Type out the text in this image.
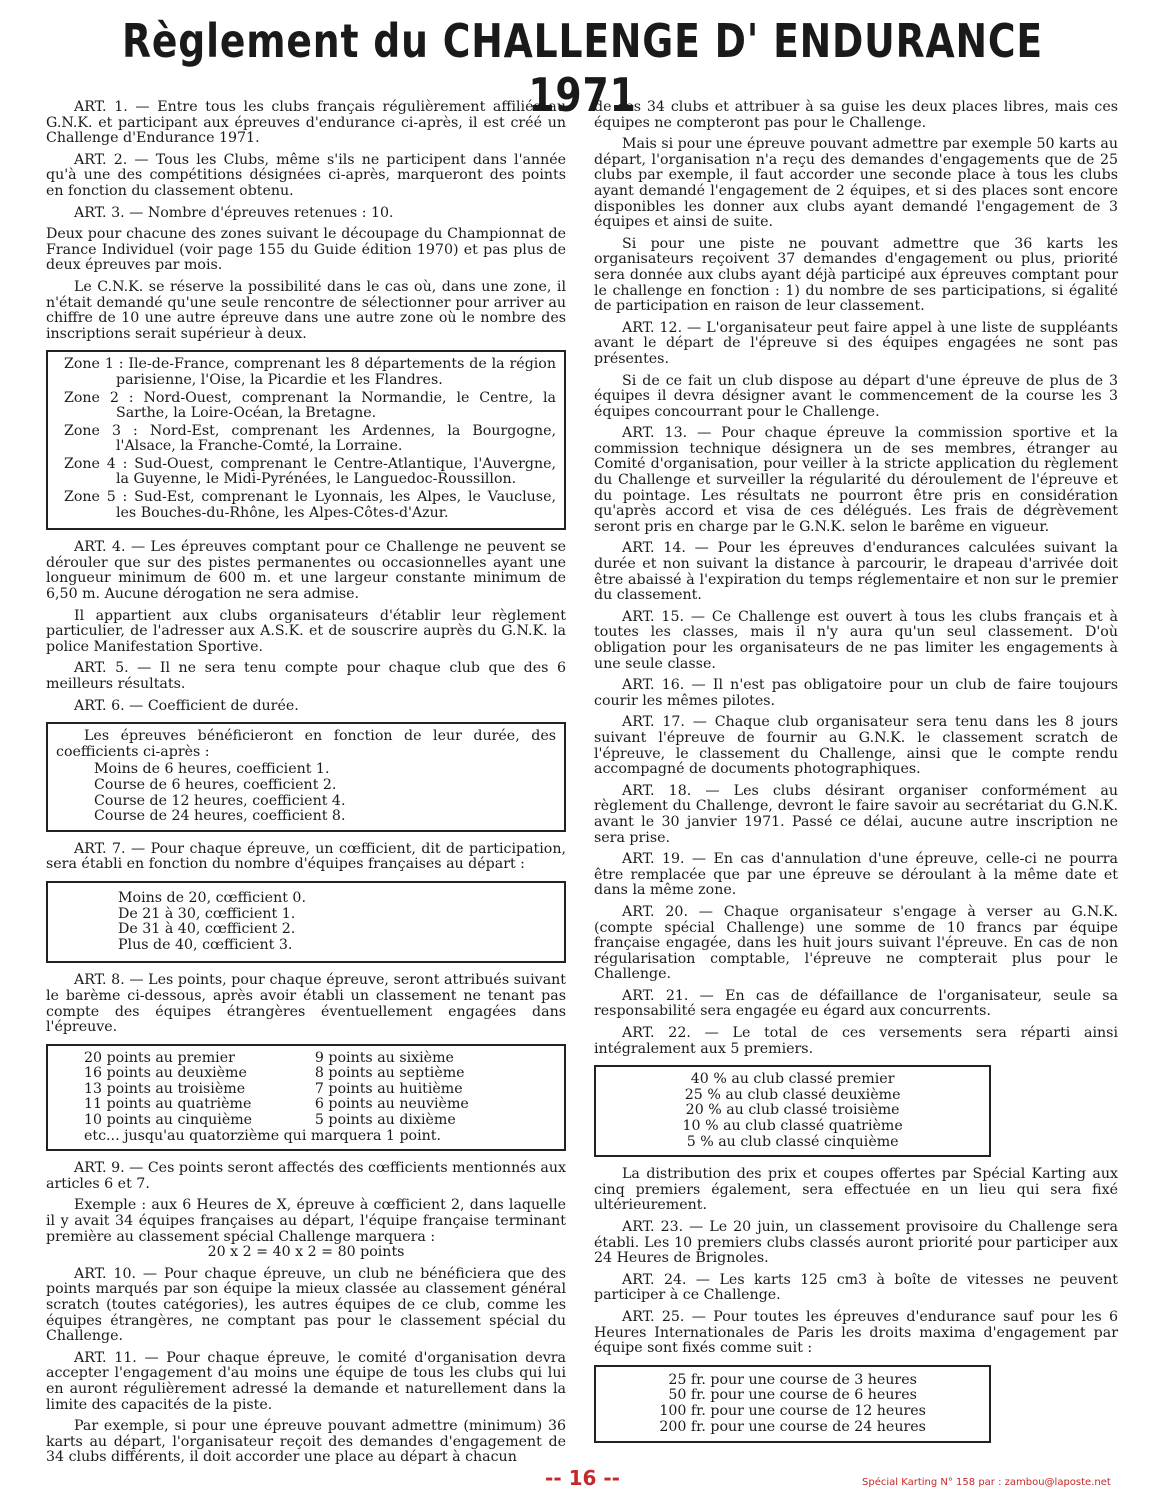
Règlement du CHALLENGE D' ENDURANCE 1971

ART. 1. — Entre tous les clubs français régulièrement affiliés au G.N.K. et participant aux épreuves d'endurance ci-après, il est créé un Challenge d'Endurance 1971.

ART. 2. — Tous les Clubs, même s'ils ne participent dans l'année qu'à une des compétitions désignées ci-après, marqueront des points en fonction du classement obtenu.

ART. 3. — Nombre d'épreuves retenues : 10.

Deux pour chacune des zones suivant le découpage du Championnat de France Individuel (voir page 155 du Guide édition 1970) et pas plus de deux épreuves par mois.

Le C.N.K. se réserve la possibilité dans le cas où, dans une zone, il n'était demandé qu'une seule rencontre de sélectionner pour arriver au chiffre de 10 une autre épreuve dans une autre zone où le nombre des inscriptions serait supérieur à deux.

Zone 1 : Ile-de-France, comprenant les 8 départements de la région parisienne, l'Oise, la Picardie et les Flandres.
Zone 2 : Nord-Ouest, comprenant la Normandie, le Centre, la Sarthe, la Loire-Océan, la Bretagne.
Zone 3 : Nord-Est, comprenant les Ardennes, la Bourgogne, l'Alsace, la Franche-Comté, la Lorraine.
Zone 4 : Sud-Ouest, comprenant le Centre-Atlantique, l'Auvergne, la Guyenne, le Midi-Pyrénées, le Languedoc-Roussillon.
Zone 5 : Sud-Est, comprenant le Lyonnais, les Alpes, le Vaucluse, les Bouches-du-Rhône, les Alpes-Côtes-d'Azur.

ART. 4. — Les épreuves comptant pour ce Challenge ne peuvent se dérouler que sur des pistes permanentes ou occasionnelles ayant une longueur minimum de 600 m. et une largeur constante minimum de 6,50 m. Aucune dérogation ne sera admise.

Il appartient aux clubs organisateurs d'établir leur règlement particulier, de l'adresser aux A.S.K. et de souscrire auprès du G.N.K. la police Manifestation Sportive.

ART. 5. — Il ne sera tenu compte pour chaque club que des 6 meilleurs résultats.

ART. 6. — Coefficient de durée.

Les épreuves bénéficieront en fonction de leur durée, des coefficients ci-après :

Moins de 6 heures, coefficient 1.
Course de 6 heures, coefficient 2.
Course de 12 heures, coefficient 4.
Course de 24 heures, coefficient 8.

ART. 7. — Pour chaque épreuve, un cœfficient, dit de participation, sera établi en fonction du nombre d'équipes françaises au départ :

Moins de 20, cœfficient 0.
De 21 à 30, cœfficient 1.
De 31 à 40, cœfficient 2.
Plus de 40, cœfficient 3.

ART. 8. — Les points, pour chaque épreuve, seront attribués suivant le barème ci-dessous, après avoir établi un classement ne tenant pas compte des équipes étrangères éventuellement engagées dans l'épreuve.

20 points au premier
16 points au deuxième
13 points au troisième
11 points au quatrième
10 points au cinquième
9 points au sixième
8 points au septième
7 points au huitième
6 points au neuvième
5 points au dixième
etc... jusqu'au quatorzième qui marquera 1 point.

ART. 9. — Ces points seront affectés des cœfficients mentionnés aux articles 6 et 7.

Exemple : aux 6 Heures de X, épreuve à cœfficient 2, dans laquelle il y avait 34 équipes françaises au départ, l'équipe française terminant première au classement spécial Challenge marquera :

20 x 2 = 40 x 2 = 80 points

ART. 10. — Pour chaque épreuve, un club ne bénéficiera que des points marqués par son équipe la mieux classée au classement général scratch (toutes catégories), les autres équipes de ce club, comme les équipes étrangères, ne comptant pas pour le classement spécial du Challenge.

ART. 11. — Pour chaque épreuve, le comité d'organisation devra accepter l'engagement d'au moins une équipe de tous les clubs qui lui en auront régulièrement adressé la demande et naturellement dans la limite des capacités de la piste.

Par exemple, si pour une épreuve pouvant admettre (minimum) 36 karts au départ, l'organisateur reçoit des demandes d'engagement de 34 clubs différents, il doit accorder une place au départ à chacun

de ces 34 clubs et attribuer à sa guise les deux places libres, mais ces équipes ne compteront pas pour le Challenge.

Mais si pour une épreuve pouvant admettre par exemple 50 karts au départ, l'organisation n'a reçu des demandes d'engagements que de 25 clubs par exemple, il faut accorder une seconde place à tous les clubs ayant demandé l'engagement de 2 équipes, et si des places sont encore disponibles les donner aux clubs ayant demandé l'engagement de 3 équipes et ainsi de suite.

Si pour une piste ne pouvant admettre que 36 karts les organisateurs reçoivent 37 demandes d'engagement ou plus, priorité sera donnée aux clubs ayant déjà participé aux épreuves comptant pour le challenge en fonction : 1) du nombre de ses participations, si égalité de participation en raison de leur classement.

ART. 12. — L'organisateur peut faire appel à une liste de suppléants avant le départ de l'épreuve si des équipes engagées ne sont pas présentes.

Si de ce fait un club dispose au départ d'une épreuve de plus de 3 équipes il devra désigner avant le commencement de la course les 3 équipes concourrant pour le Challenge.

ART. 13. — Pour chaque épreuve la commission sportive et la commission technique désignera un de ses membres, étranger au Comité d'organisation, pour veiller à la stricte application du règlement du Challenge et surveiller la régularité du déroulement de l'épreuve et du pointage. Les résultats ne pourront être pris en considération qu'après accord et visa de ces délégués. Les frais de dégrèvement seront pris en charge par le G.N.K. selon le barême en vigueur.

ART. 14. — Pour les épreuves d'endurances calculées suivant la durée et non suivant la distance à parcourir, le drapeau d'arrivée doit être abaissé à l'expiration du temps réglementaire et non sur le premier du classement.

ART. 15. — Ce Challenge est ouvert à tous les clubs français et à toutes les classes, mais il n'y aura qu'un seul classement. D'où obligation pour les organisateurs de ne pas limiter les engagements à une seule classe.

ART. 16. — Il n'est pas obligatoire pour un club de faire toujours courir les mêmes pilotes.

ART. 17. — Chaque club organisateur sera tenu dans les 8 jours suivant l'épreuve de fournir au G.N.K. le classement scratch de l'épreuve, le classement du Challenge, ainsi que le compte rendu accompagné de documents photographiques.

ART. 18. — Les clubs désirant organiser conformément au règlement du Challenge, devront le faire savoir au secrétariat du G.N.K. avant le 30 janvier 1971. Passé ce délai, aucune autre inscription ne sera prise.

ART. 19. — En cas d'annulation d'une épreuve, celle-ci ne pourra être remplacée que par une épreuve se déroulant à la même date et dans la même zone.

ART. 20. — Chaque organisateur s'engage à verser au G.N.K. (compte spécial Challenge) une somme de 10 francs par équipe française engagée, dans les huit jours suivant l'épreuve. En cas de non régularisation comptable, l'épreuve ne compterait plus pour le Challenge.

ART. 21. — En cas de défaillance de l'organisateur, seule sa responsabilité sera engagée eu égard aux concurrents.

ART. 22. — Le total de ces versements sera réparti ainsi intégralement aux 5 premiers.

40 % au club classé premier
25 % au club classé deuxième
20 % au club classé troisième
10 % au club classé quatrième
5 % au club classé cinquième

La distribution des prix et coupes offertes par Spécial Karting aux cinq premiers également, sera effectuée en un lieu qui sera fixé ultérieurement.

ART. 23. — Le 20 juin, un classement provisoire du Challenge sera établi. Les 10 premiers clubs classés auront priorité pour participer aux 24 Heures de Brignoles.

ART. 24. — Les karts 125 cm3 à boîte de vitesses ne peuvent participer à ce Challenge.

ART. 25. — Pour toutes les épreuves d'endurance sauf pour les 6 Heures Internationales de Paris les droits maxima d'engagement par équipe sont fixés comme suit :

25 fr. pour une course de 3 heures
50 fr. pour une course de 6 heures
100 fr. pour une course de 12 heures
200 fr. pour une course de 24 heures
-- 16 --	Spécial Karting N° 158 par : zambou@laposte.net
